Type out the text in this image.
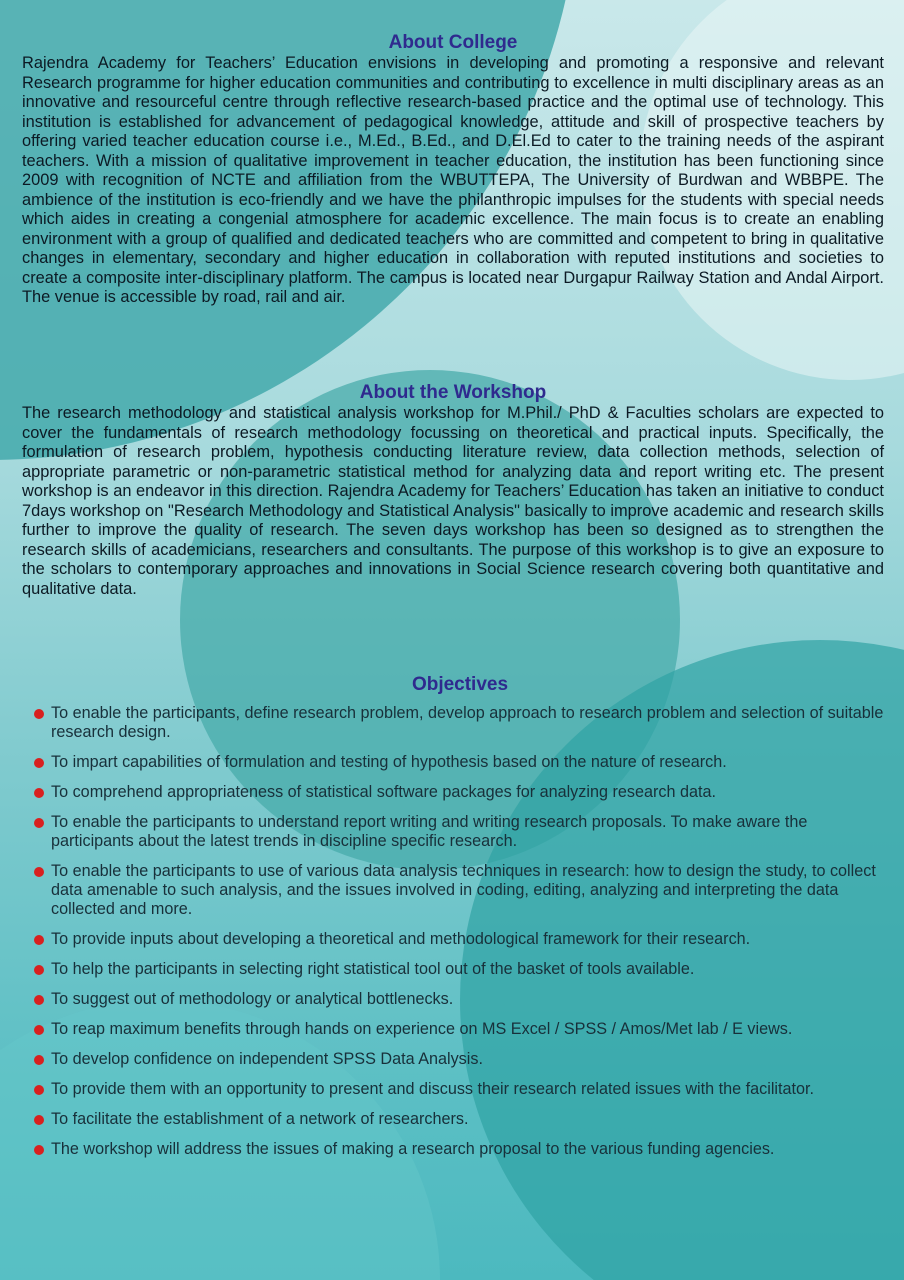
About College

Rajendra Academy for Teachers’ Education envisions in developing and promoting a responsive and relevant Research programme for higher education communities and contributing to excellence in multi disciplinary areas as an innovative and resourceful centre through reflective research-based practice and the optimal use of technology. This institution is established for advancement of pedagogical knowledge, attitude and skill of prospective teachers by offering varied teacher education course i.e., M.Ed., B.Ed., and D.El.Ed to cater to the training needs of the aspirant teachers. With a mission of qualitative improvement in teacher education, the institution has been functioning since 2009 with recognition of NCTE and affiliation from the WBUTTEPA, The University of Burdwan and WBBPE. The ambience of the institution is eco-friendly and we have the philanthropic impulses for the students with special needs which aides in creating a congenial atmosphere for academic excellence. The main focus is to create an enabling environment with a group of qualified and dedicated teachers who are committed and competent to bring in qualitative changes in elementary, secondary and higher education in collaboration with reputed institutions and societies to create a composite inter-disciplinary platform. The campus is located near Durgapur Railway Station and Andal Airport. The venue is accessible by road, rail and air.

About the Workshop

The research methodology and statistical analysis workshop for M.Phil./ PhD & Faculties scholars are expected to cover the fundamentals of research methodology focussing on theoretical and practical inputs. Specifically, the formulation of research problem, hypothesis conducting literature review, data collection methods, selection of appropriate parametric or non-parametric statistical method for analyzing data and report writing etc. The present workshop is an endeavor in this direction. Rajendra Academy for Teachers’ Education has taken an initiative to conduct 7days workshop on "Research Methodology and Statistical Analysis" basically to improve academic and research skills further to improve the quality of research. The seven days workshop has been so designed as to strengthen the research skills of academicians, researchers and consultants. The purpose of this workshop is to give an exposure to the scholars to contemporary approaches and innovations in Social Science research covering both quantitative and qualitative data.

Objectives
To enable the participants, define research problem, develop approach to research problem and selection of suitable research design.
To impart capabilities of formulation and testing of hypothesis based on the nature of research.
To comprehend appropriateness of statistical software packages for analyzing research data.
To enable the participants to understand report writing and writing research proposals. To make aware the participants about the latest trends in discipline specific research.
To enable the participants to use of various data analysis techniques in research: how to design the study, to collect data amenable to such analysis, and the issues involved in coding, editing, analyzing and interpreting the data collected and more.
To provide inputs about developing a theoretical and methodological framework for their research.
To help the participants in selecting right statistical tool out of the basket of tools available.
To suggest out of methodology or analytical bottlenecks.
To reap maximum benefits through hands on experience on MS Excel / SPSS / Amos/Met lab / E views.
To develop confidence on independent SPSS Data Analysis.
To provide them with an opportunity to present and discuss their research related issues with the facilitator.
To facilitate the establishment of a network of researchers.
The workshop will address the issues of making a research proposal to the various funding agencies.
